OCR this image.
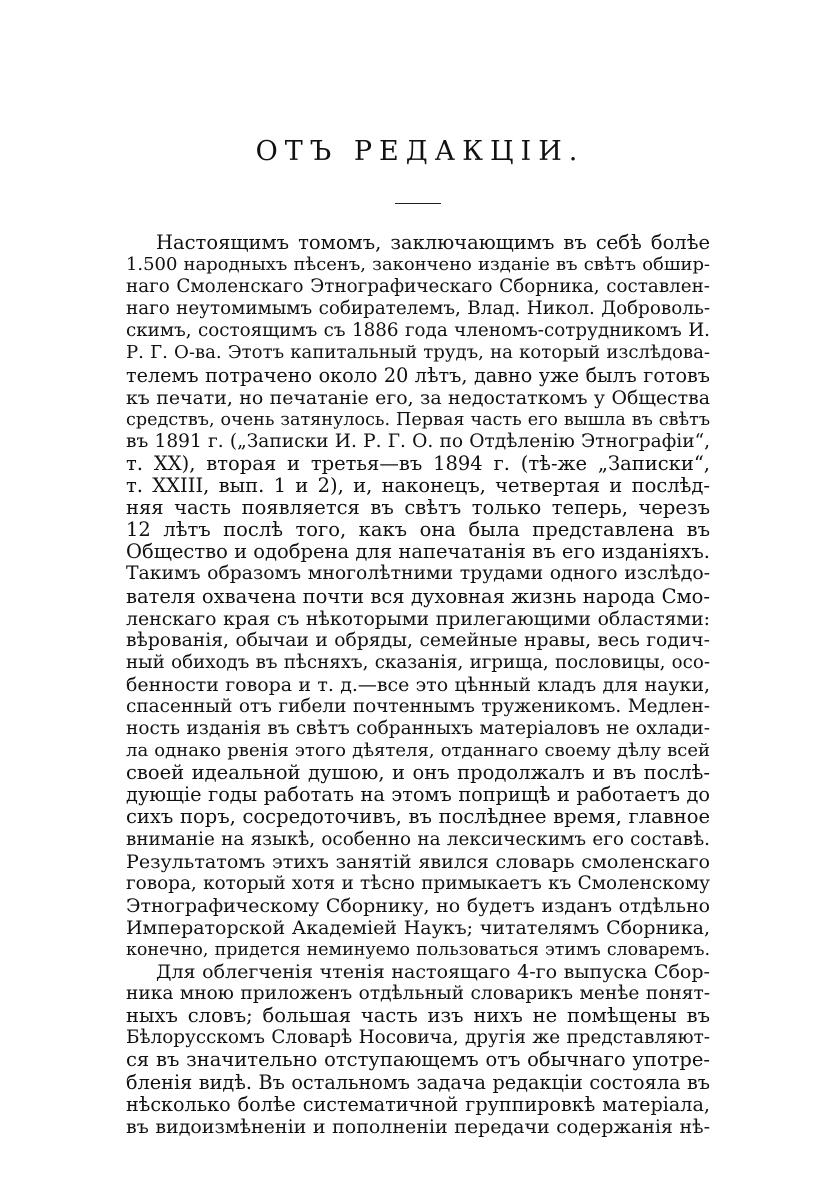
ОТЪ РЕДАКЦІИ.
Настоящимъ томомъ, заключающимъ въ себѣ болѣе
1.500 народныхъ пѣсенъ, закончено изданіе въ свѣтъ обшир-
наго Смоленскаго Этнографическаго Сборника, составлен-
наго неутомимымъ собирателемъ, Влад. Никол. Доброволь-
скимъ, состоящимъ съ 1886 года членомъ-сотрудникомъ И.
Р. Г. О-ва. Этотъ капитальный трудъ, на который изслѣдова-
телемъ потрачено около 20 лѣтъ, давно уже былъ готовъ
къ печати, но печатаніе его, за недостаткомъ у Общества
средствъ, очень затянулось. Первая часть его вышла въ свѣтъ
въ 1891 г. („Записки И. Р. Г. О. по Отдѣленію Этнографіи“,
т. XX), вторая и третья—въ 1894 г. (тѣ-же „Записки“,
т. XXIII, вып. 1 и 2), и, наконецъ, четвертая и послѣд-
няя часть появляется въ свѣтъ только теперь, черезъ
12 лѣтъ послѣ того, какъ она была представлена въ
Общество и одобрена для напечатанія въ его изданіяхъ.
Такимъ образомъ многолѣтними трудами одного изслѣдо-
вателя охвачена почти вся духовная жизнь народа Смо-
ленскаго края съ нѣкоторыми прилегающими областями:
вѣрованія, обычаи и обряды, семейные нравы, весь годич-
ный обиходъ въ пѣсняхъ, сказанія, игрища, пословицы, осо-
бенности говора и т. д.—все это цѣнный кладъ для науки,
спасенный отъ гибели почтеннымъ труженикомъ. Медлен-
ность изданія въ свѣтъ собранныхъ матеріаловъ не охлади-
ла однако рвенія этого дѣятеля, отданнаго своему дѣлу всей
своей идеальной душою, и онъ продолжалъ и въ послѣ-
дующіе годы работать на этомъ поприщѣ и работаетъ до
сихъ поръ, сосредоточивъ, въ послѣднее время, главное
вниманіе на языкѣ, особенно на лексическимъ его составѣ.
Результатомъ этихъ занятій явился словарь смоленскаго
говора, который хотя и тѣсно примыкаетъ къ Смоленскому
Этнографическому Сборнику, но будетъ изданъ отдѣльно
Императорской Академіей Наукъ; читателямъ Сборника,
конечно, придется неминуемо пользоваться этимъ словаремъ.
Для облегченія чтенія настоящаго 4-го выпуска Сбор-
ника мною приложенъ отдѣльный словарикъ менѣе понят-
ныхъ словъ; большая часть изъ нихъ не помѣщены въ
Бѣлорусскомъ Словарѣ Носовича, другія же представляют-
ся въ значительно отступающемъ отъ обычнаго употре-
бленія видѣ. Въ остальномъ задача редакціи состояла въ
нѣсколько болѣе систематичной группировкѣ матеріала,
въ видоизмѣненіи и пополненіи передачи содержанія нѣ-
